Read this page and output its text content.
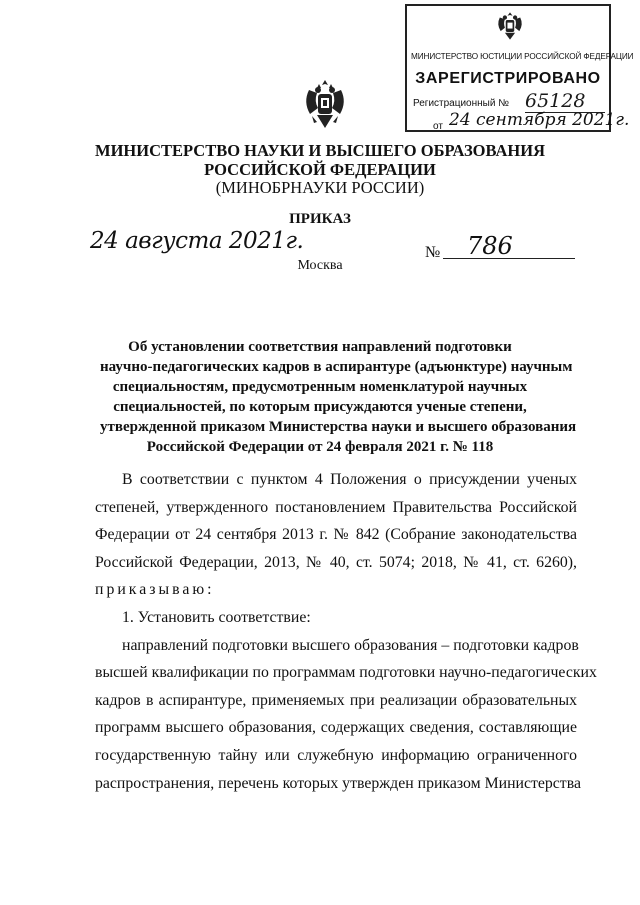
МИНИСТЕРСТВО ЮСТИЦИИ РОССИЙСКОЙ ФЕДЕРАЦИИ
ЗАРЕГИСТРИРОВАНО
Регистрационный № 65128
от 24 сентября 2021г.
МИНИСТЕРСТВО НАУКИ И ВЫСШЕГО ОБРАЗОВАНИЯ
РОССИЙСКОЙ ФЕДЕРАЦИИ
(МИНОБРНАУКИ РОССИИ)
ПРИКАЗ
24 августа 2021г.	№	786
Москва
Об установлении соответствия направлений подготовки
научно-педагогических кадров в аспирантуре (адъюнктуре) научным
специальностям, предусмотренным номенклатурой научных
специальностей, по которым присуждаются ученые степени,
утвержденной приказом Министерства науки и высшего образования
Российской Федерации от 24 февраля 2021 г. № 118
В соответствии с пунктом 4 Положения о присуждении ученых
степеней, утвержденного постановлением Правительства Российской
Федерации от 24 сентября 2013 г. № 842 (Собрание законодательства
Российской Федерации, 2013, № 40, ст. 5074; 2018, № 41, ст. 6260),
приказываю:
1. Установить соответствие:
направлений подготовки высшего образования – подготовки кадров
высшей квалификации по программам подготовки научно-педагогических
кадров в аспирантуре, применяемых при реализации образовательных
программ высшего образования, содержащих сведения, составляющие
государственную тайну или служебную информацию ограниченного
распространения, перечень которых утвержден приказом Министерства
